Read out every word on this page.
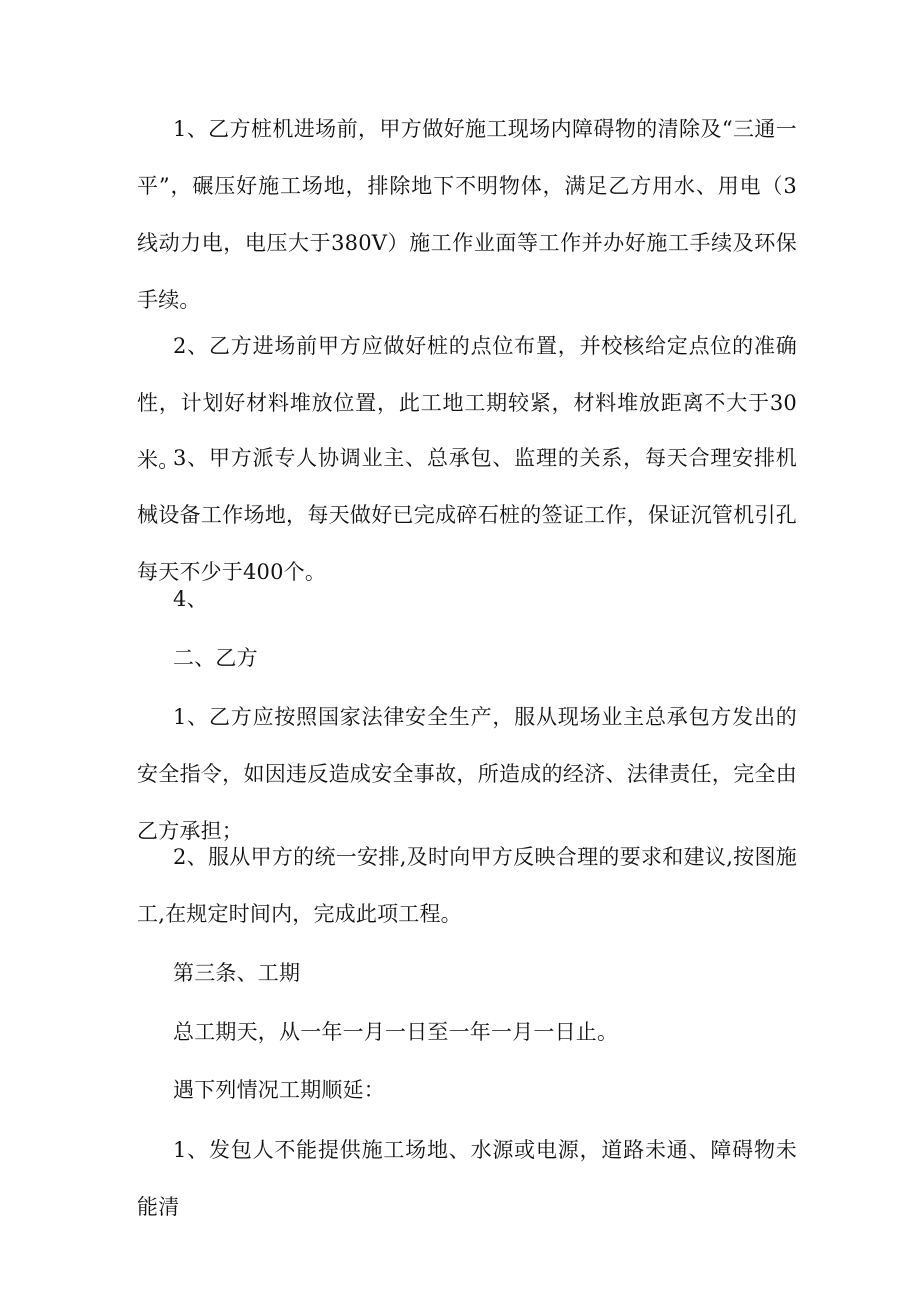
1、乙方桩机进场前，甲方做好施工现场内障碍物的清除及“三通一平”，碾压好施工场地，排除地下不明物体，满足乙方用水、用电（3线动力电，电压大于380V）施工作业面等工作并办好施工手续及环保手续。

2、乙方进场前甲方应做好桩的点位布置，并校核给定点位的准确性，计划好材料堆放位置，此工地工期较紧，材料堆放距离不大于30米。

3、甲方派专人协调业主、总承包、监理的关系，每天合理安排机械设备工作场地，每天做好已完成碎石桩的签证工作，保证沉管机引孔每天不少于400个。

4、

二、乙方

1、乙方应按照国家法律安全生产，服从现场业主总承包方发出的安全指令，如因违反造成安全事故，所造成的经济、法律责任，完全由乙方承担；

2、服从甲方的统一安排,及时向甲方反映合理的要求和建议,按图施工,在规定时间内，完成此项工程。

第三条、工期

总工期天，从一年一月一日至一年一月一日止。

遇下列情况工期顺延：

1、发包人不能提供施工场地、水源或电源，道路未通、障碍物未能清
